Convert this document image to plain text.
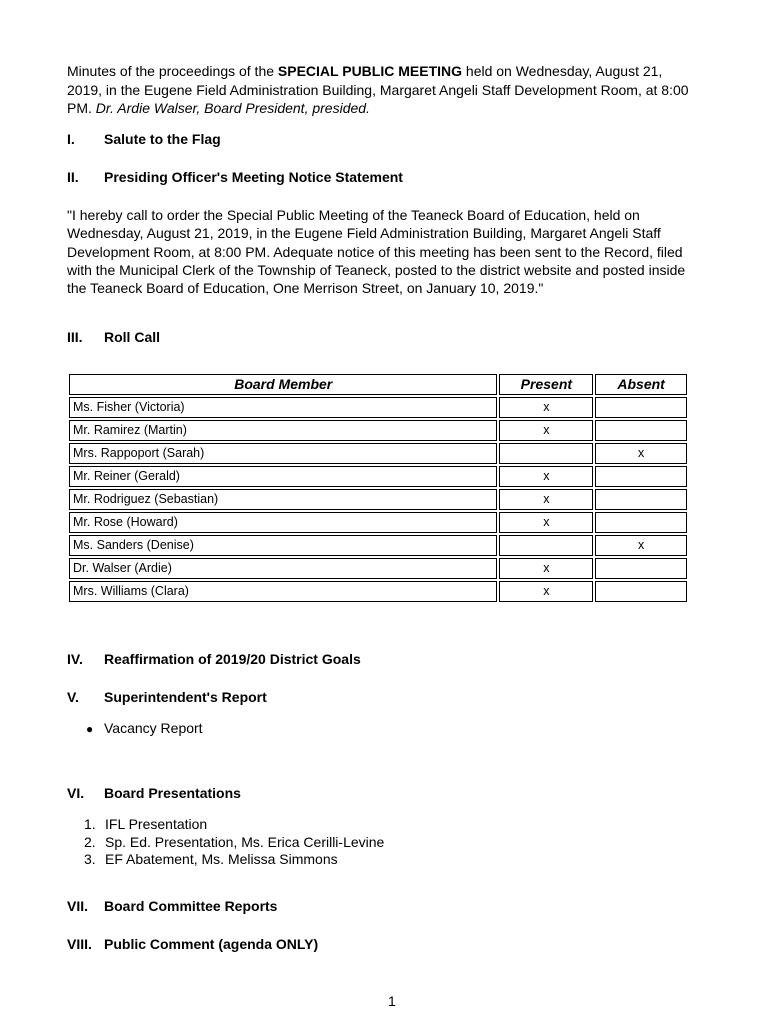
Minutes of the proceedings of the SPECIAL PUBLIC MEETING held on Wednesday, August 21, 2019, in the Eugene Field Administration Building, Margaret Angeli Staff Development Room, at 8:00 PM. Dr. Ardie Walser, Board President, presided.
I. Salute to the Flag
II. Presiding Officer's Meeting Notice Statement
"I hereby call to order the Special Public Meeting of the Teaneck Board of Education, held on Wednesday, August 21, 2019, in the Eugene Field Administration Building, Margaret Angeli Staff Development Room, at 8:00 PM. Adequate notice of this meeting has been sent to the Record, filed with the Municipal Clerk of the Township of Teaneck, posted to the district website and posted inside the Teaneck Board of Education, One Merrison Street, on January 10, 2019."
III. Roll Call
Board Member	Present	Absent
Ms. Fisher (Victoria)	x	
Mr. Ramirez (Martin)	x	
Mrs. Rappoport (Sarah)		x
Mr. Reiner (Gerald)	x	
Mr. Rodriguez (Sebastian)	x	
Mr. Rose (Howard)	x	
Ms. Sanders (Denise)		x
Dr. Walser (Ardie)	x	
Mrs. Williams (Clara)	x	
IV. Reaffirmation of 2019/20 District Goals
V. Superintendent's Report
● Vacancy Report
VI. Board Presentations
1. IFL Presentation
2. Sp. Ed. Presentation, Ms. Erica Cerilli-Levine
3. EF Abatement, Ms. Melissa Simmons
VII. Board Committee Reports
VIII. Public Comment (agenda ONLY)
1
